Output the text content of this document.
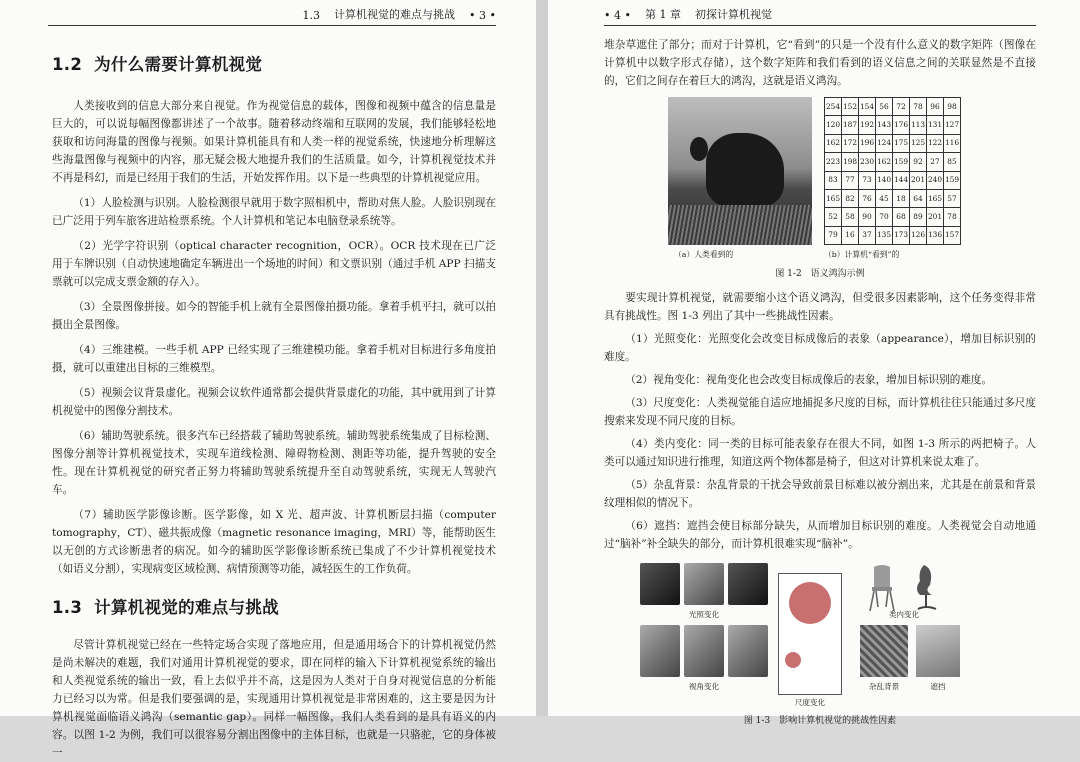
1.3 计算机视觉的难点与挑战 • 3 •
1.2 为什么需要计算机视觉

人类接收到的信息大部分来自视觉。作为视觉信息的载体，图像和视频中蕴含的信息量是巨大的，可以说每幅图像都讲述了一个故事。随着移动终端和互联网的发展，我们能够轻松地获取和访问海量的图像与视频。如果计算机能具有和人类一样的视觉系统，快速地分析理解这些海量图像与视频中的内容，那无疑会极大地提升我们的生活质量。如今，计算机视觉技术并不再是科幻，而是已经用于我们的生活，开始发挥作用。以下是一些典型的计算机视觉应用。

（1）人脸检测与识别。人脸检测很早就用于数字照相机中，帮助对焦人脸。人脸识别现在已广泛用于列车旅客进站检票系统。个人计算机和笔记本电脑登录系统等。

（2）光学字符识别（optical character recognition，OCR）。OCR 技术现在已广泛用于车牌识别（自动快速地确定车辆进出一个场地的时间）和文票识别（通过手机 APP 扫描支票就可以完成支票金额的存入）。

（3）全景图像拼接。如今的智能手机上就有全景图像拍摄功能。拿着手机平扫，就可以拍摄出全景图像。

（4）三维建模。一些手机 APP 已经实现了三维建模功能。拿着手机对目标进行多角度拍摄，就可以重建出目标的三维模型。

（5）视频会议背景虚化。视频会议软件通常都会提供背景虚化的功能，其中就用到了计算机视觉中的图像分割技术。

（6）辅助驾驶系统。很多汽车已经搭载了辅助驾驶系统。辅助驾驶系统集成了目标检测、图像分割等计算机视觉技术，实现车道线检测、障碍物检测、测距等功能，提升驾驶的安全性。现在计算机视觉的研究者正努力将辅助驾驶系统提升至自动驾驶系统，实现无人驾驶汽车。

（7）辅助医学影像诊断。医学影像，如 X 光、超声波、计算机断层扫描（computer tomography，CT）、磁共振成像（magnetic resonance imaging，MRI）等，能帮助医生以无创的方式诊断患者的病况。如今的辅助医学影像诊断系统已集成了不少计算机视觉技术（如语义分割），实现病变区域检测、病情预测等功能，减轻医生的工作负荷。

1.3 计算机视觉的难点与挑战

尽管计算机视觉已经在一些特定场合实现了落地应用，但是通用场合下的计算机视觉仍然是尚未解决的难题，我们对通用计算机视觉的要求，即在同样的输入下计算机视觉系统的输出和人类视觉系统的输出一致，看上去似乎并不高，这是因为人类对于自身对视觉信息的分析能力已经习以为常。但是我们要强调的是，实现通用计算机视觉是非常困难的，这主要是因为计算机视觉面临语义鸿沟（semantic gap）。同样一幅图像，我们人类看到的是具有语义的内容。以图 1-2 为例，我们可以很容易分割出图像中的主体目标，也就是一只骆驼，它的身体被一

• 4 • 第 1 章 初探计算机视觉

堆杂草遮住了部分；而对于计算机，它“看到”的只是一个没有什么意义的数字矩阵（图像在计算机中以数字形式存储），这个数字矩阵和我们看到的语义信息之间的关联显然是不直接的，它们之间存在着巨大的鸿沟，这就是语义鸿沟。

254	152	154	56	72	78	96	98
120	187	192	143	176	113	131	127
162	172	196	124	175	125	122	116
223	198	230	162	159	92	27	85
83	77	73	140	144	201	240	159
165	82	76	45	18	64	165	57
52	58	90	70	68	89	201	78
79	16	37	135	173	126	136	157
（a）人类看到的	（b）计算机“看到”的
图 1-2　语义鸿沟示例

要实现计算机视觉，就需要缩小这个语义鸿沟，但受很多因素影响，这个任务变得非常具有挑战性。图 1-3 列出了其中一些挑战性因素。

（1）光照变化：光照变化会改变目标成像后的表象（appearance），增加目标识别的难度。

（2）视角变化：视角变化也会改变目标成像后的表象，增加目标识别的难度。

（3）尺度变化：人类视觉能自适应地捕捉多尺度的目标，而计算机往往只能通过多尺度搜索来发现不同尺度的目标。

（4）类内变化：同一类的目标可能表象存在很大不同，如图 1-3 所示的两把椅子。人类可以通过知识进行推理，知道这两个物体都是椅子，但这对计算机来说太难了。

（5）杂乱背景：杂乱背景的干扰会导致前景目标难以被分割出来，尤其是在前景和背景纹理相似的情况下。

（6）遮挡：遮挡会使目标部分缺失，从而增加目标识别的难度。人类视觉会自动地通过“脑补”补全缺失的部分，而计算机很难实现“脑补”。

光照变化
视角变化
尺度变化
类内变化
杂乱背景	遮挡
图 1-3　影响计算机视觉的挑战性因素
